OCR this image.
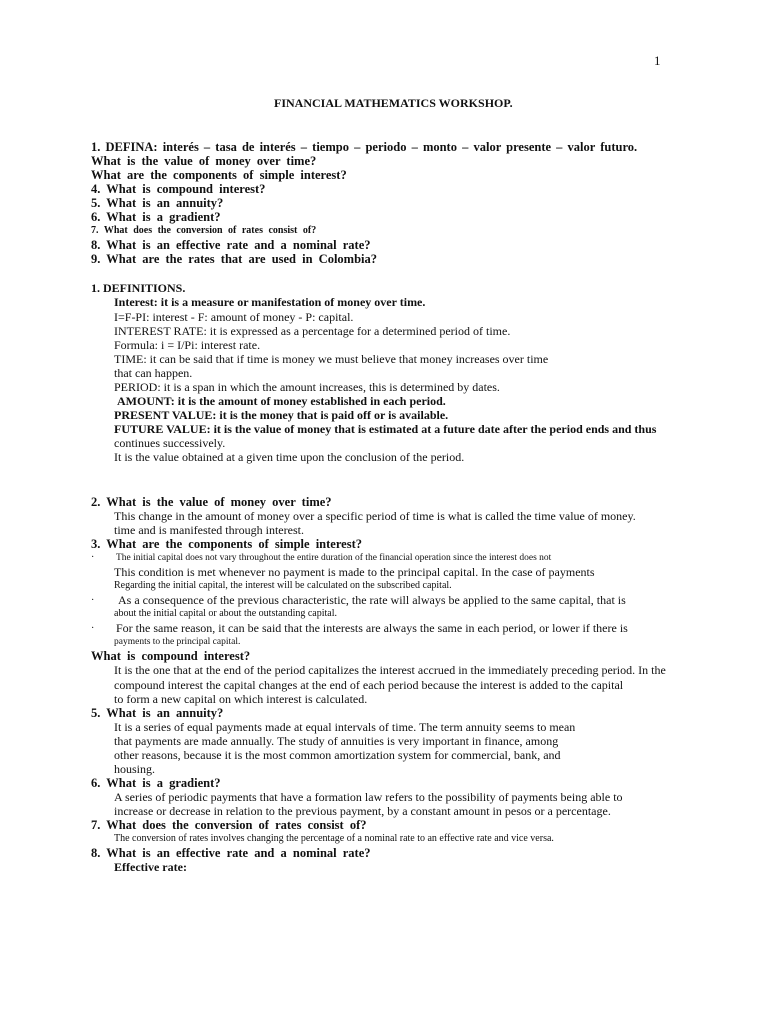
1
FINANCIAL MATHEMATICS WORKSHOP.
1. DEFINA: interés – tasa de interés – tiempo – periodo – monto – valor presente – valor futuro.
What is the value of money over time?
What are the components of simple interest?
4. What is compound interest?
5. What is an annuity?
6. What is a gradient?
7. What does the conversion of rates consist of?
8. What is an effective rate and a nominal rate?
9. What are the rates that are used in Colombia?
1. DEFINITIONS.
Interest: it is a measure or manifestation of money over time.
I=F-PI: interest - F: amount of money - P: capital.
INTEREST RATE: it is expressed as a percentage for a determined period of time.
Formula: i = I/Pi: interest rate.
TIME: it can be said that if time is money we must believe that money increases over time
that can happen.
PERIOD: it is a span in which the amount increases, this is determined by dates.
AMOUNT: it is the amount of money established in each period.
PRESENT VALUE: it is the money that is paid off or is available.
FUTURE VALUE: it is the value of money that is estimated at a future date after the period ends and thus
continues successively.
It is the value obtained at a given time upon the conclusion of the period.
2. What is the value of money over time?
This change in the amount of money over a specific period of time is what is called the time value of money.
time and is manifested through interest.
3. What are the components of simple interest?
· The initial capital does not vary throughout the entire duration of the financial operation since the interest does not
This condition is met whenever no payment is made to the principal capital. In the case of payments
Regarding the initial capital, the interest will be calculated on the subscribed capital.
· As a consequence of the previous characteristic, the rate will always be applied to the same capital, that is
about the initial capital or about the outstanding capital.
· For the same reason, it can be said that the interests are always the same in each period, or lower if there is
payments to the principal capital.
What is compound interest?
It is the one that at the end of the period capitalizes the interest accrued in the immediately preceding period. In the
compound interest the capital changes at the end of each period because the interest is added to the capital
to form a new capital on which interest is calculated.
5. What is an annuity?
It is a series of equal payments made at equal intervals of time. The term annuity seems to mean
that payments are made annually. The study of annuities is very important in finance, among
other reasons, because it is the most common amortization system for commercial, bank, and
housing.
6. What is a gradient?
A series of periodic payments that have a formation law refers to the possibility of payments being able to
increase or decrease in relation to the previous payment, by a constant amount in pesos or a percentage.
7. What does the conversion of rates consist of?
The conversion of rates involves changing the percentage of a nominal rate to an effective rate and vice versa.
8. What is an effective rate and a nominal rate?
Effective rate:
